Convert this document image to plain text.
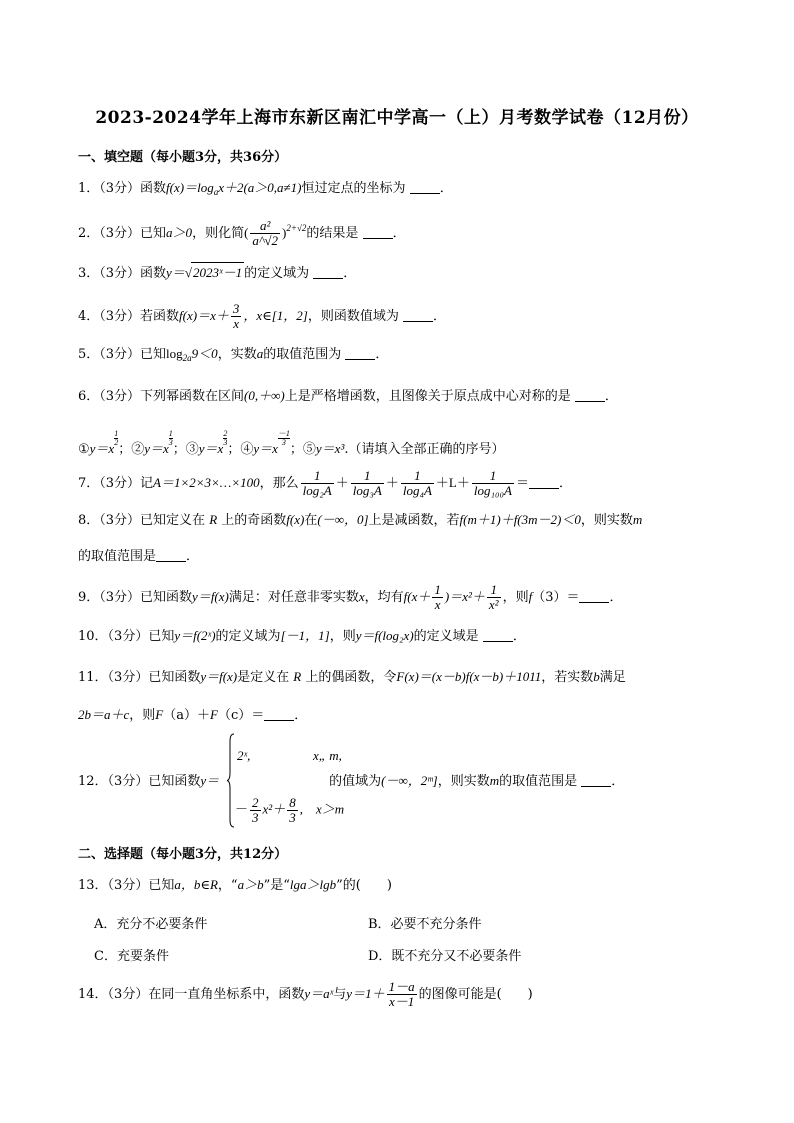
2023-2024学年上海市东新区南汇中学高一（上）月考数学试卷（12月份）
一、填空题（每小题3分，共36分）
1．（3分）函数$f(x)=\log_ax+2(a>0,a\ne 1)$恒过定点的坐标为	．
2．（3分）已知a＞0，则化简( $\frac{\text{a²}}{a\^{}√2} )^{2+√2}$的结果是	．
3．（3分）函数y＝√2023ˣ－1 的定义域为	．
4．（3分）若函数$f(x)=x+ \frac{3}{x}$ ，x∈[1，2]，则函数值域为	．
5．（3分）已知$\log_{2a}9<0$，实数a的取值范围为	．
6．（3分）下列幂函数在区间(0,＋∞)上是严格增函数，且图像关于原点成中心对称的是	．
①y＝x
$\frac{1}{2}$；②y＝x
$\frac{1}{3}$；③y＝x
$\frac{2}{3}$；④y＝x
$\frac{-1}{3}$；⑤y＝x³.（请填入全部正确的序号）
7．（3分）记A＝1×2×3×…×100，那么 $\frac{1}{\text{log₂A}} + \frac{1}{\text{log₃A}} + \frac{1}{\text{log₄A}} +L+ \frac{1}{\text{log₁₀₀A}}$ ＝ ．
8．（3分）已知定义在 R 上的奇函数f(x)在(－∞，0]上是减函数，若f(m＋1)＋f(3m－2)＜0，则实数m
的取值范围是 ．
9．（3分）已知函数y＝f(x)满足：对任意非零实数x，均有$f(x+ \frac{1}{x} )=x^2+ \frac{1}{\text{x²}}$ ，则f（3）＝ ．
10．（3分）已知y＝f(2ˣ)的定义域为[－1，1]，则y＝f(log₂x)的定义域是	．
11．（3分）已知函数y＝f(x)是定义在 R 上的偶函数，令F(x)＝(x－b)f(x－b)＋1011，若实数b满足
2b＝a＋c，则F（a）＋F（c）＝ ．
12．（3分）已知函数y＝	的值域为(－∞，2ᵐ]，则实数m的取值范围是	．
2ˣ,	x„ m,
－ $\frac{2}{3} x^2+ \frac{8}{3}$ ,　x＞m
二、选择题（每小题3分，共12分）
13．（3分）已知a，b∈R，“a＞b”是“lga＞lgb”的(　　)
A．充分不必要条件	B．必要不充分条件
C．充要条件	D．既不充分又不必要条件
14．（3分）在同一直角坐标系中，函数y＝aˣ与$y=1+ \frac{1-a}{x-1}$ 的图像可能是(　　)
